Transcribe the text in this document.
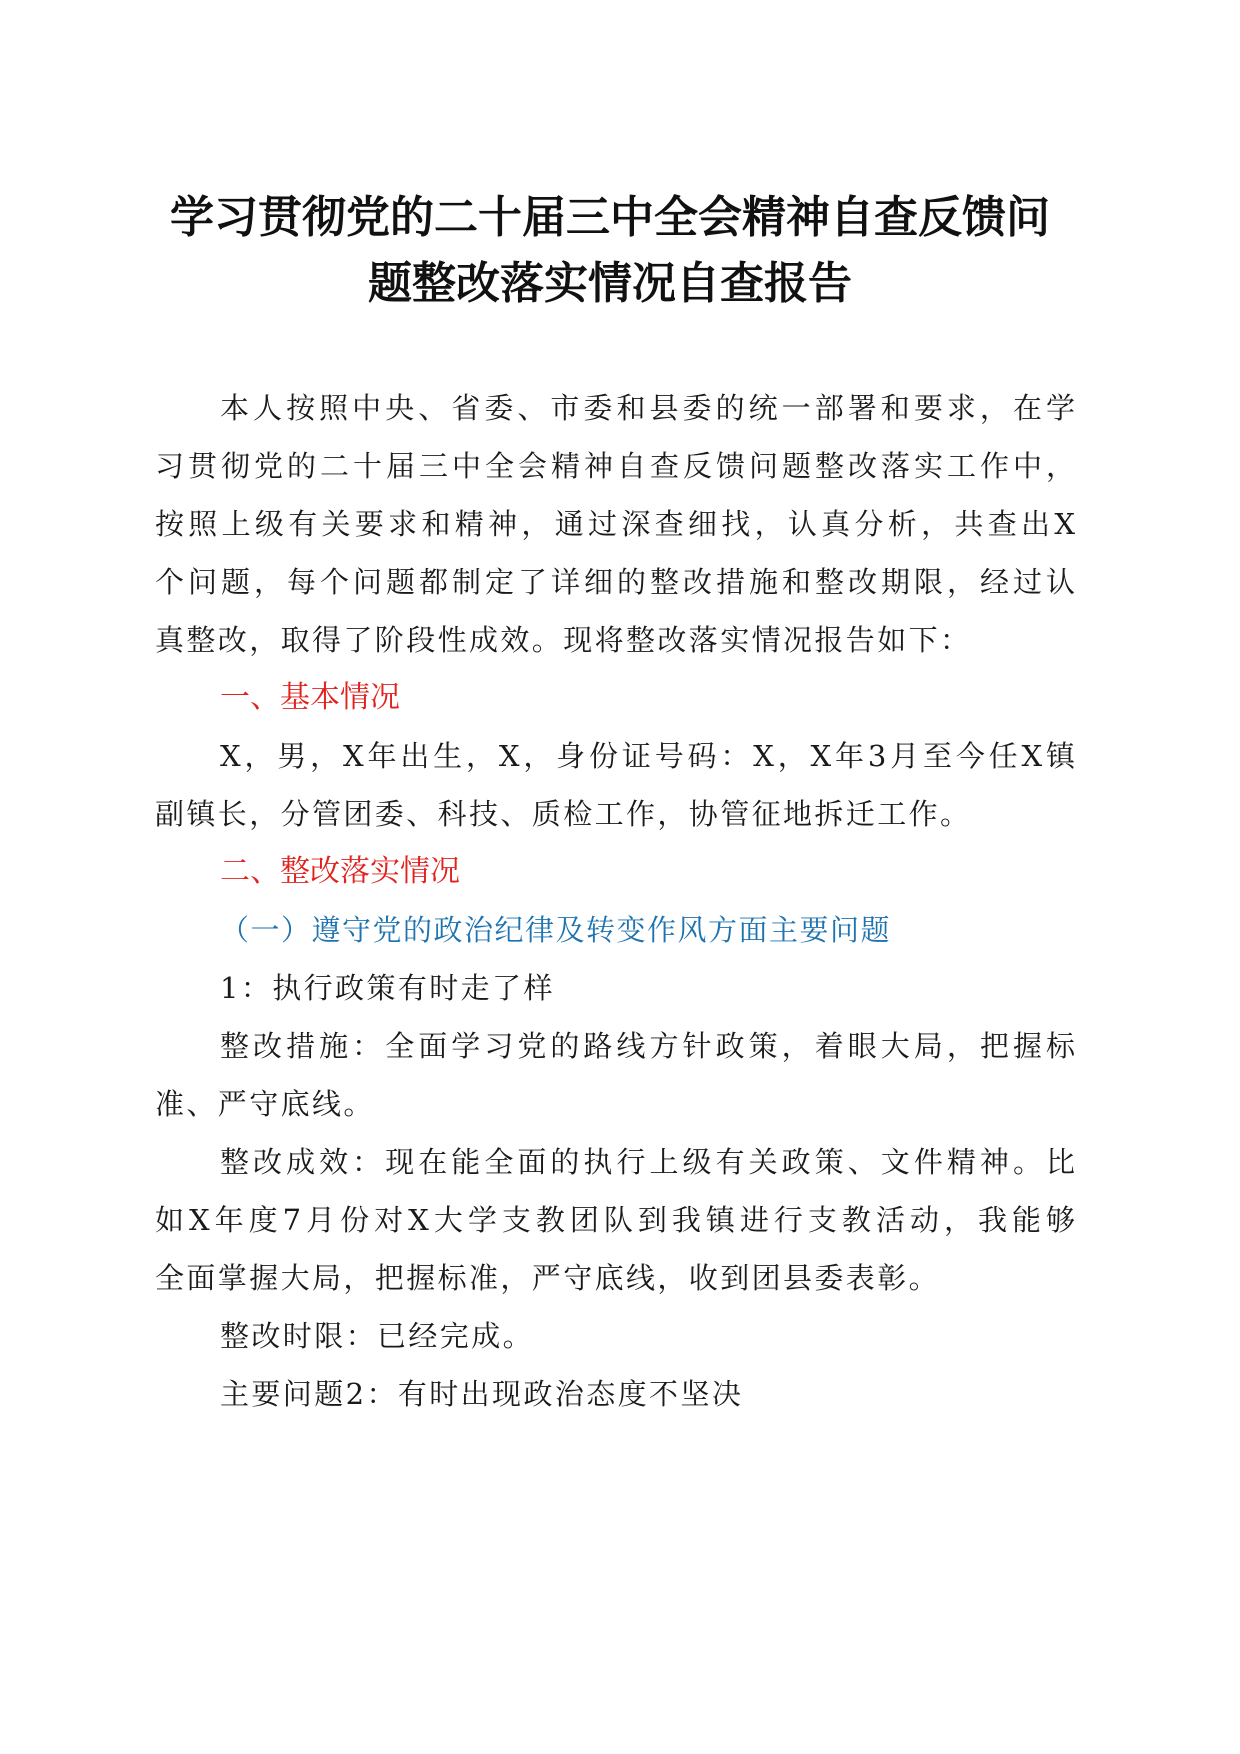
学习贯彻党的二十届三中全会精神自查反馈问
题整改落实情况自查报告
本人按照中央、省委、市委和县委的统一部署和要求，在学
习贯彻党的二十届三中全会精神自查反馈问题整改落实工作中，
按照上级有关要求和精神，通过深查细找，认真分析，共查出X
个问题，每个问题都制定了详细的整改措施和整改期限，经过认
真整改，取得了阶段性成效。现将整改落实情况报告如下：
一、基本情况
X，男，X年出生，X，身份证号码：X，X年3月至今任X镇
副镇长，分管团委、科技、质检工作，协管征地拆迁工作。
二、整改落实情况
（一）遵守党的政治纪律及转变作风方面主要问题
1：执行政策有时走了样
整改措施：全面学习党的路线方针政策，着眼大局，把握标
准、严守底线。
整改成效：现在能全面的执行上级有关政策、文件精神。比
如X年度7月份对X大学支教团队到我镇进行支教活动，我能够
全面掌握大局，把握标准，严守底线，收到团县委表彰。
整改时限：已经完成。
主要问题2：有时出现政治态度不坚决
